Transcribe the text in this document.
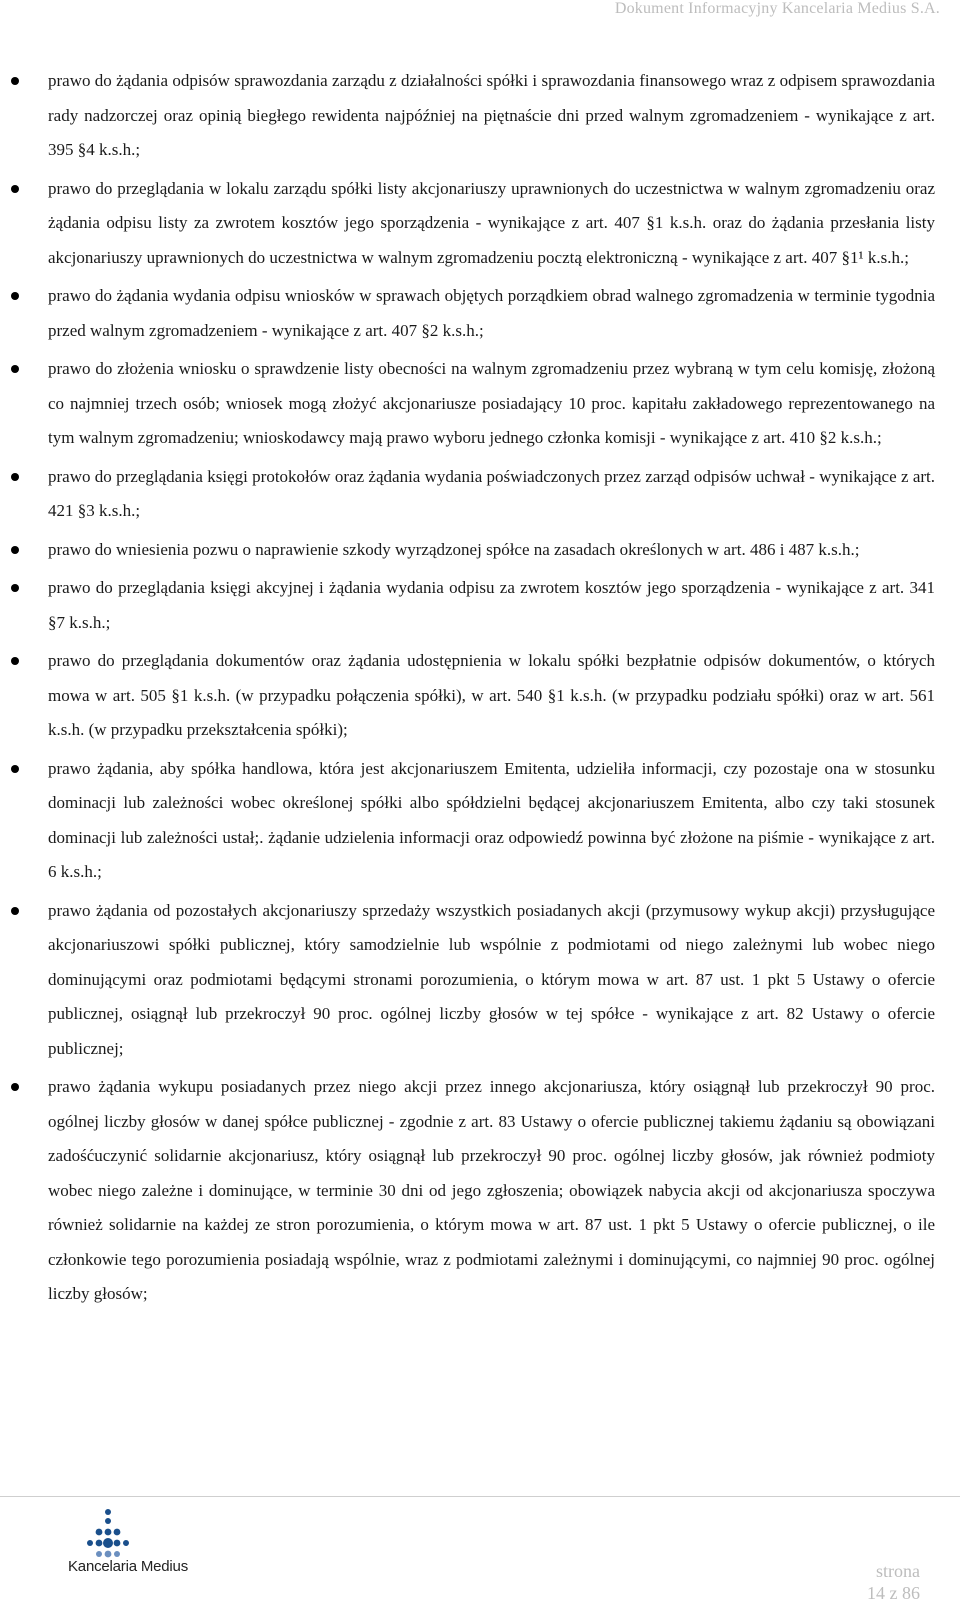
Dokument Informacyjny Kancelaria Medius S.A.
prawo do żądania odpisów sprawozdania zarządu z działalności spółki i sprawozdania finansowego wraz z odpisem sprawozdania rady nadzorczej oraz opinią biegłego rewidenta najpóźniej na piętnaście dni przed walnym zgromadzeniem - wynikające z art. 395 §4 k.s.h.;
prawo do przeglądania w lokalu zarządu spółki listy akcjonariuszy uprawnionych do uczestnictwa w walnym zgromadzeniu oraz żądania odpisu listy za zwrotem kosztów jego sporządzenia - wynikające z art. 407 §1 k.s.h. oraz do żądania przesłania listy akcjonariuszy uprawnionych do uczestnictwa w walnym zgromadzeniu pocztą elektroniczną - wynikające z art. 407 §1¹ k.s.h.;
prawo do żądania wydania odpisu wniosków w sprawach objętych porządkiem obrad walnego zgromadzenia w terminie tygodnia przed walnym zgromadzeniem - wynikające z art. 407 §2 k.s.h.;
prawo do złożenia wniosku o sprawdzenie listy obecności na walnym zgromadzeniu przez wybraną w tym celu komisję, złożoną co najmniej trzech osób; wniosek mogą złożyć akcjonariusze posiadający 10 proc. kapitału zakładowego reprezentowanego na tym walnym zgromadzeniu; wnioskodawcy mają prawo wyboru jednego członka komisji - wynikające z art. 410 §2 k.s.h.;
prawo do przeglądania księgi protokołów oraz żądania wydania poświadczonych przez zarząd odpisów uchwał - wynikające z art. 421 §3 k.s.h.;
prawo do wniesienia pozwu o naprawienie szkody wyrządzonej spółce na zasadach określonych w art. 486 i 487 k.s.h.;
prawo do przeglądania księgi akcyjnej i żądania wydania odpisu za zwrotem kosztów jego sporządzenia - wynikające z art. 341 §7 k.s.h.;
prawo do przeglądania dokumentów oraz żądania udostępnienia w lokalu spółki bezpłatnie odpisów dokumentów, o których mowa w art. 505 §1 k.s.h. (w przypadku połączenia spółki), w art. 540 §1 k.s.h. (w przypadku podziału spółki) oraz w art. 561 k.s.h. (w przypadku przekształcenia spółki);
prawo żądania, aby spółka handlowa, która jest akcjonariuszem Emitenta, udzieliła informacji, czy pozostaje ona w stosunku dominacji lub zależności wobec określonej spółki albo spółdzielni będącej akcjonariuszem Emitenta, albo czy taki stosunek dominacji lub zależności ustał;. żądanie udzielenia informacji oraz odpowiedź powinna być złożone na piśmie - wynikające z art. 6 k.s.h.;
prawo żądania od pozostałych akcjonariuszy sprzedaży wszystkich posiadanych akcji (przymusowy wykup akcji) przysługujące akcjonariuszowi spółki publicznej, który samodzielnie lub wspólnie z podmiotami od niego zależnymi lub wobec niego dominującymi oraz podmiotami będącymi stronami porozumienia, o którym mowa w art. 87 ust. 1 pkt 5 Ustawy o ofercie publicznej, osiągnął lub przekroczył 90 proc. ogólnej liczby głosów w tej spółce - wynikające z art. 82 Ustawy o ofercie publicznej;
prawo żądania wykupu posiadanych przez niego akcji przez innego akcjonariusza, który osiągnął lub przekroczył 90 proc. ogólnej liczby głosów w danej spółce publicznej - zgodnie z art. 83 Ustawy o ofercie publicznej takiemu żądaniu są obowiązani zadośćuczynić solidarnie akcjonariusz, który osiągnął lub przekroczył 90 proc. ogólnej liczby głosów, jak również podmioty wobec niego zależne i dominujące, w terminie 30 dni od jego zgłoszenia; obowiązek nabycia akcji od akcjonariusza spoczywa również solidarnie na każdej ze stron porozumienia, o którym mowa w art. 87 ust. 1 pkt 5 Ustawy o ofercie publicznej, o ile członkowie tego porozumienia posiadają wspólnie, wraz z podmiotami zależnymi i dominującymi, co najmniej 90 proc. ogólnej liczby głosów;
Kancelaria Medius	strona
14 z 86
